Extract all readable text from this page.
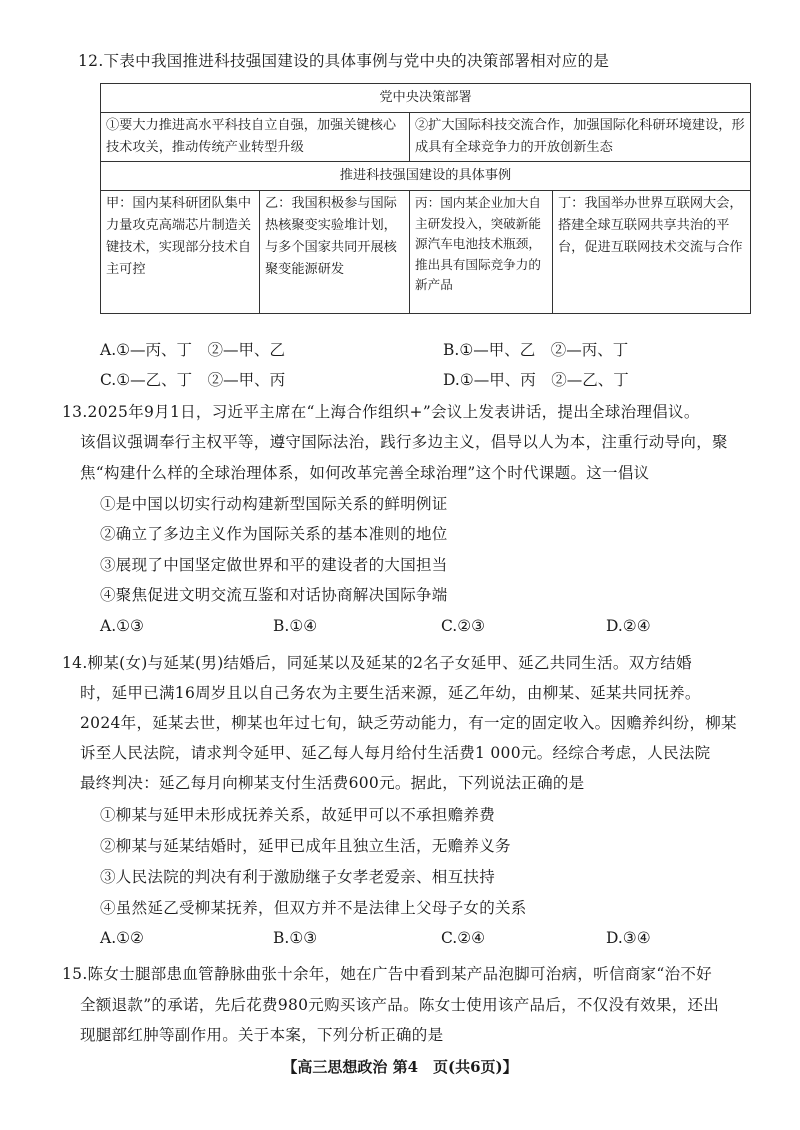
12.下表中我国推进科技强国建设的具体事例与党中央的决策部署相对应的是
党中央决策部署			
①要大力推进高水平科技自立自强，加强关键核心技术攻关，推动传统产业转型升级		②扩大国际科技交流合作，加强国际化科研环境建设，形成具有全球竞争力的开放创新生态	
推进科技强国建设的具体事例			
甲：国内某科研团队集中力量攻克高端芯片制造关键技术，实现部分技术自主可控	乙：我国积极参与国际热核聚变实验堆计划，与多个国家共同开展核聚变能源研发	丙：国内某企业加大自主研发投入，突破新能源汽车电池技术瓶颈，推出具有国际竞争力的新产品	丁：我国举办世界互联网大会，搭建全球互联网共享共治的平台，促进互联网技术交流与合作
A.①—丙、丁　②—甲、乙	B.①—甲、乙　②—丙、丁
C.①—乙、丁　②—甲、丙	D.①—甲、丙　②—乙、丁
13.2025年9月1日，习近平主席在“上海合作组织+”会议上发表讲话，提出全球治理倡议。
该倡议强调奉行主权平等，遵守国际法治，践行多边主义，倡导以人为本，注重行动导向，聚
焦“构建什么样的全球治理体系，如何改革完善全球治理”这个时代课题。这一倡议
①是中国以切实行动构建新型国际关系的鲜明例证
②确立了多边主义作为国际关系的基本准则的地位
③展现了中国坚定做世界和平的建设者的大国担当
④聚焦促进文明交流互鉴和对话协商解决国际争端
A.①③	B.①④	C.②③	D.②④
14.柳某(女)与延某(男)结婚后，同延某以及延某的2名子女延甲、延乙共同生活。双方结婚
时，延甲已满16周岁且以自己务农为主要生活来源，延乙年幼，由柳某、延某共同抚养。
2024年，延某去世，柳某也年过七旬，缺乏劳动能力，有一定的固定收入。因赡养纠纷，柳某
诉至人民法院，请求判令延甲、延乙每人每月给付生活费1 000元。经综合考虑，人民法院
最终判决：延乙每月向柳某支付生活费600元。据此，下列说法正确的是
①柳某与延甲未形成抚养关系，故延甲可以不承担赡养费
②柳某与延某结婚时，延甲已成年且独立生活，无赡养义务
③人民法院的判决有利于激励继子女孝老爱亲、相互扶持
④虽然延乙受柳某抚养，但双方并不是法律上父母子女的关系
A.①②	B.①③	C.②④	D.③④
15.陈女士腿部患血管静脉曲张十余年，她在广告中看到某产品泡脚可治病，听信商家“治不好
全额退款”的承诺，先后花费980元购买该产品。陈女士使用该产品后，不仅没有效果，还出
现腿部红肿等副作用。关于本案，下列分析正确的是
【高三思想政治 第4　页(共6页)】
